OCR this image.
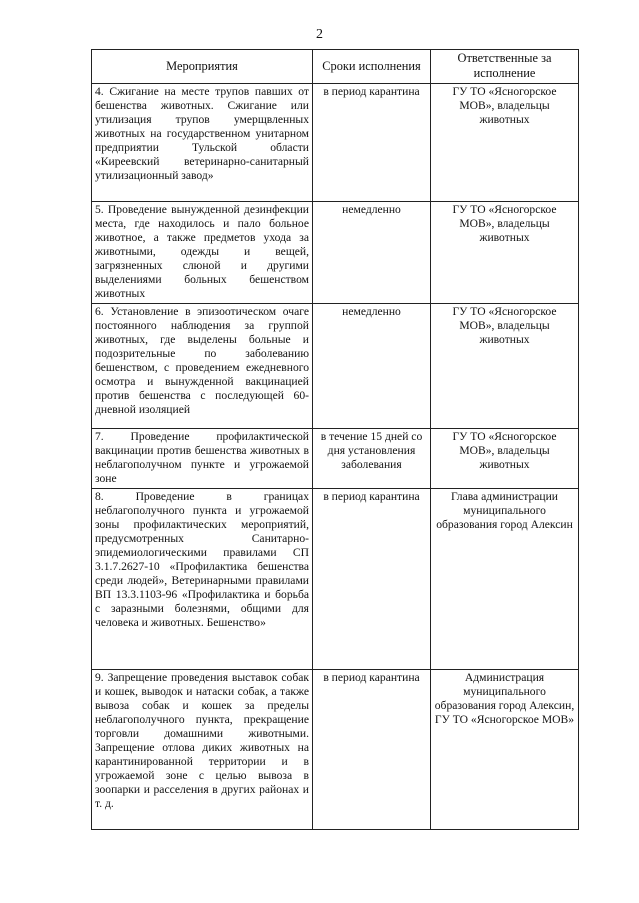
2
Мероприятия	Сроки исполнения	Ответственные за исполнение
4. Сжигание на месте трупов павших от бешенства животных. Сжигание или утилизация трупов умерщвленных животных на государственном унитарном предприятии Тульской области «Киреевский ветеринарно-санитарный утилизационный завод»	в период карантина	ГУ ТО «Ясногорское МОВ», владельцы животных
5. Проведение вынужденной дезинфекции места, где находилось и пало больное животное, а также предметов ухода за животными, одежды и вещей, загрязненных слюной и другими выделениями больных бешенством животных	немедленно	ГУ ТО «Ясногорское МОВ», владельцы животных
6. Установление в эпизоотическом очаге постоянного наблюдения за группой животных, где выделены больные и подозрительные по заболеванию бешенством, с проведением ежедневного осмотра и вынужденной вакцинацией против бешенства с последующей 60-дневной изоляцией	немедленно	ГУ ТО «Ясногорское МОВ», владельцы животных
7. Проведение профилактической вакцинации против бешенства животных в неблагополучном пункте и угрожаемой зоне	в течение 15 дней со дня установления заболевания	ГУ ТО «Ясногорское МОВ», владельцы животных
8. Проведение в границах неблагополучного пункта и угрожаемой зоны профилактических мероприятий, предусмотренных Санитарно-эпидемиологическими правилами СП 3.1.7.2627-10 «Профилактика бешенства среди людей», Ветеринарными правилами ВП 13.3.1103-96 «Профилактика и борьба с заразными болезнями, общими для человека и животных. Бешенство»	в период карантина	Глава администрации муниципального образования город Алексин
9. Запрещение проведения выставок собак и кошек, выводок и натаски собак, а также вывоза собак и кошек за пределы неблагополучного пункта, прекращение торговли домашними животными. Запрещение отлова диких животных на карантинированной территории и в угрожаемой зоне с целью вывоза в зоопарки и расселения в других районах и т. д.	в период карантина	Администрация муниципального образования город Алексин, ГУ ТО «Ясногорское МОВ»
